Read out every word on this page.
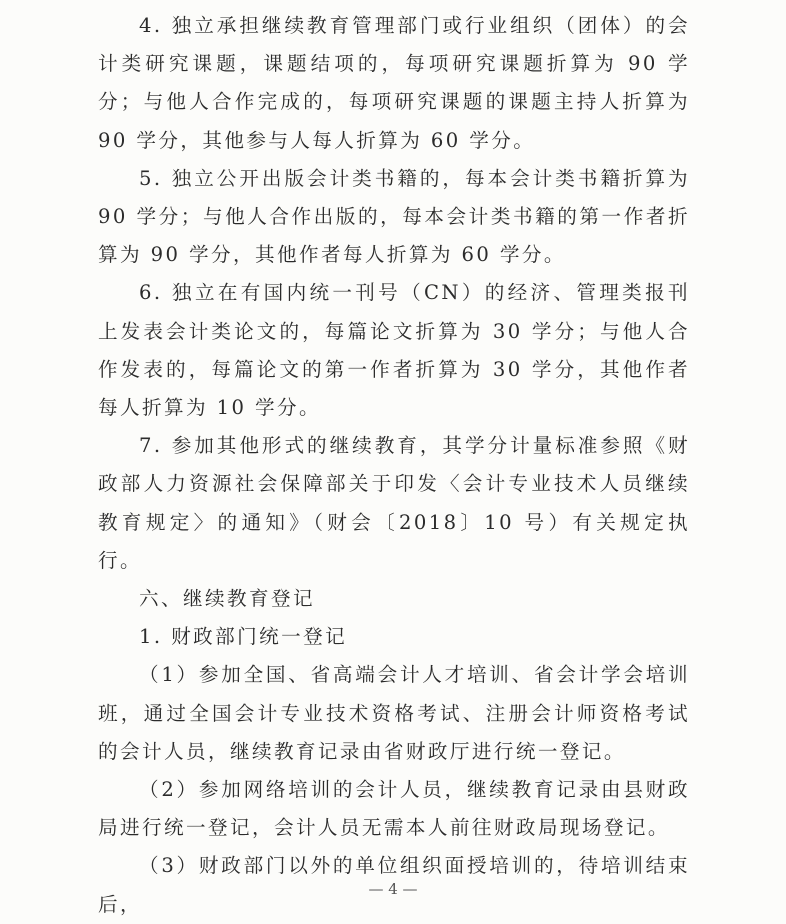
4. 独立承担继续教育管理部门或行业组织（团体）的会计类研究课题，课题结项的，每项研究课题折算为 90 学分；与他人合作完成的，每项研究课题的课题主持人折算为 90 学分，其他参与人每人折算为 60 学分。

5. 独立公开出版会计类书籍的，每本会计类书籍折算为 90 学分；与他人合作出版的，每本会计类书籍的第一作者折算为 90 学分，其他作者每人折算为 60 学分。

6. 独立在有国内统一刊号（CN）的经济、管理类报刊上发表会计类论文的，每篇论文折算为 30 学分；与他人合作发表的，每篇论文的第一作者折算为 30 学分，其他作者每人折算为 10 学分。

7. 参加其他形式的继续教育，其学分计量标准参照《财政部人力资源社会保障部关于印发〈会计专业技术人员继续教育规定〉的通知》（财会〔2018〕10 号）有关规定执行。

六、继续教育登记

1. 财政部门统一登记

（1）参加全国、省高端会计人才培训、省会计学会培训班，通过全国会计专业技术资格考试、注册会计师资格考试的会计人员，继续教育记录由省财政厅进行统一登记。

（2）参加网络培训的会计人员，继续教育记录由县财政局进行统一登记，会计人员无需本人前往财政局现场登记。

（3）财政部门以外的单位组织面授培训的，待培训结束后，

— 4 —
